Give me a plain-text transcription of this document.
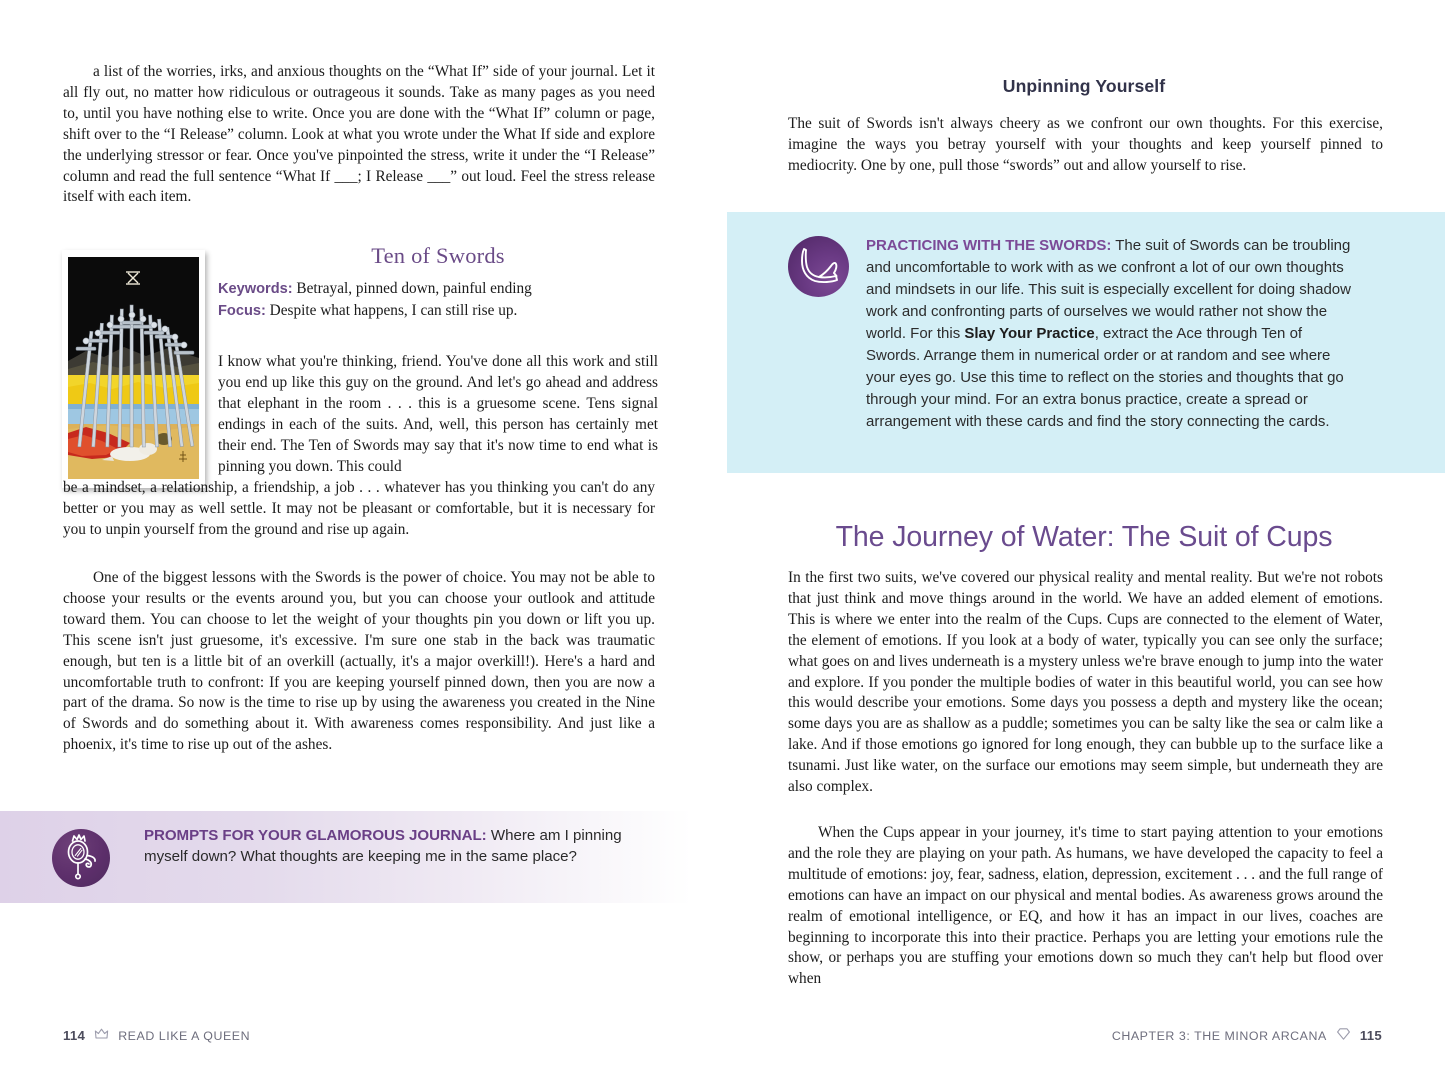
a list of the worries, irks, and anxious thoughts on the “What If” side of your journal. Let it all fly out, no matter how ridiculous or outrageous it sounds. Take as many pages as you need to, until you have nothing else to write. Once you are done with the “What If” column or page, shift over to the “I Release” column. Look at what you wrote under the What If side and explore the underlying stressor or fear. Once you've pinpointed the stress, write it under the “I Release” column and read the full sentence “What If ___; I Release ___” out loud. Feel the stress release itself with each item.
Ten of Swords
Keywords: Betrayal, pinned down, painful ending
Focus: Despite what happens, I can still rise up.
I know what you're thinking, friend. You've done all this work and still you end up like this guy on the ground. And let's go ahead and address that elephant in the room . . . this is a gruesome scene. Tens signal endings in each of the suits. And, well, this person has certainly met their end. The Ten of Swords may say that it's now time to end what is pinning you down. This could
be a mindset, a relationship, a friendship, a job . . . whatever has you thinking you can't do any better or you may as well settle. It may not be pleasant or comfortable, but it is necessary for you to unpin yourself from the ground and rise up again.
One of the biggest lessons with the Swords is the power of choice. You may not be able to choose your results or the events around you, but you can choose your outlook and attitude toward them. You can choose to let the weight of your thoughts pin you down or lift you up. This scene isn't just gruesome, it's excessive. I'm sure one stab in the back was traumatic enough, but ten is a little bit of an overkill (actually, it's a major overkill!). Here's a hard and uncomfortable truth to confront: If you are keeping yourself pinned down, then you are now a part of the drama. So now is the time to rise up by using the awareness you created in the Nine of Swords and do something about it. With awareness comes responsibility. And just like a phoenix, it's time to rise up out of the ashes.
PROMPTS FOR YOUR GLAMOROUS JOURNAL: Where am I pinning myself down? What thoughts are keeping me in the same place?
114	READ LIKE A QUEEN
Unpinning Yourself
The suit of Swords isn't always cheery as we confront our own thoughts. For this exercise, imagine the ways you betray yourself with your thoughts and keep yourself pinned to mediocrity. One by one, pull those “swords” out and allow yourself to rise.
PRACTICING WITH THE SWORDS: The suit of Swords can be troubling and uncomfortable to work with as we confront a lot of our own thoughts and mindsets in our life. This suit is especially excellent for doing shadow work and confronting parts of ourselves we would rather not show the world. For this Slay Your Practice, extract the Ace through Ten of Swords. Arrange them in numerical order or at random and see where your eyes go. Use this time to reflect on the stories and thoughts that go through your mind. For an extra bonus practice, create a spread or arrangement with these cards and find the story connecting the cards.
The Journey of Water: The Suit of Cups
In the first two suits, we've covered our physical reality and mental reality. But we're not robots that just think and move things around in the world. We have an added element of emotions. This is where we enter into the realm of the Cups. Cups are connected to the element of Water, the element of emotions. If you look at a body of water, typically you can see only the surface; what goes on and lives underneath is a mystery unless we're brave enough to jump into the water and explore. If you ponder the multiple bodies of water in this beautiful world, you can see how this would describe your emotions. Some days you possess a depth and mystery like the ocean; some days you are as shallow as a puddle; sometimes you can be salty like the sea or calm like a lake. And if those emotions go ignored for long enough, they can bubble up to the surface like a tsunami. Just like water, on the surface our emotions may seem simple, but underneath they are also complex.
When the Cups appear in your journey, it's time to start paying attention to your emotions and the role they are playing on your path. As humans, we have developed the capacity to feel a multitude of emotions: joy, fear, sadness, elation, depression, excitement . . . and the full range of emotions can have an impact on our physical and mental bodies. As awareness grows around the realm of emotional intelligence, or EQ, and how it has an impact in our lives, coaches are beginning to incorporate this into their practice. Perhaps you are letting your emotions rule the show, or perhaps you are stuffing your emotions down so much they can't help but flood over when
CHAPTER 3: THE MINOR ARCANA	115
